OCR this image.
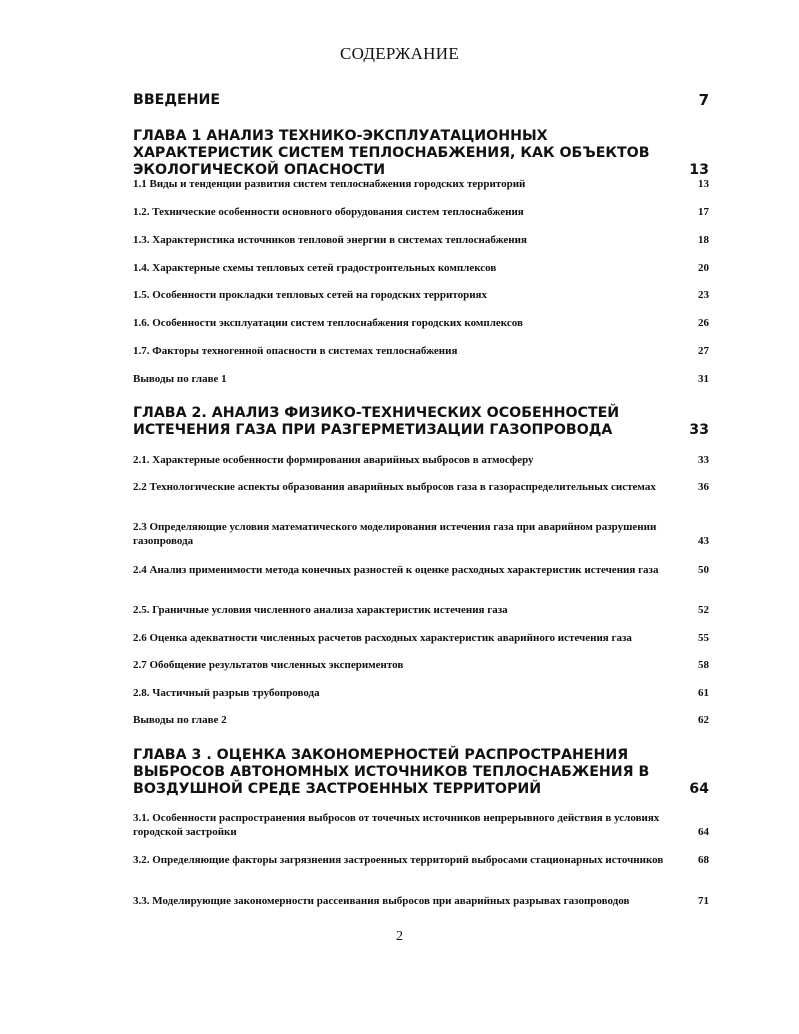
СОДЕРЖАНИЕ
ВВЕДЕНИЕ	7
ГЛАВА 1 АНАЛИЗ ТЕХНИКО-ЭКСПЛУАТАЦИОННЫХ ХАРАКТЕРИСТИК СИСТЕМ ТЕПЛОСНАБЖЕНИЯ, КАК ОБЪЕКТОВ ЭКОЛОГИЧЕСКОЙ ОПАСНОСТИ	13
1.1 Виды и тенденции развития систем теплоснабжения городских территорий	13
1.2. Технические особенности основного оборудования систем теплоснабжения	17
1.3. Характеристика источников тепловой энергии в системах теплоснабжения	18
1.4. Характерные схемы тепловых сетей градостроительных комплексов	20
1.5. Особенности прокладки тепловых сетей на городских территориях	23
1.6. Особенности эксплуатации систем теплоснабжения городских комплексов	26
1.7. Факторы техногенной опасности в системах теплоснабжения	27
Выводы по главе 1	31
ГЛАВА 2. АНАЛИЗ ФИЗИКО-ТЕХНИЧЕСКИХ ОСОБЕННОСТЕЙ ИСТЕЧЕНИЯ ГАЗА ПРИ РАЗГЕРМЕТИЗАЦИИ ГАЗОПРОВОДА	33
2.1. Характерные особенности формирования аварийных выбросов в атмосферу	33
2.2 Технологические аспекты образования аварийных выбросов газа в газораспределительных системах	36
2.3 Определяющие условия математического моделирования истечения газа при аварийном разрушении газопровода	43
2.4 Анализ применимости метода конечных разностей к оценке расходных характеристик истечения газа	50
2.5. Граничные условия численного анализа характеристик истечения газа	52
2.6 Оценка адекватности численных расчетов расходных характеристик аварийного истечения газа	55
2.7 Обобщение результатов численных экспериментов	58
2.8. Частичный разрыв трубопровода	61
Выводы по главе 2	62
ГЛАВА 3 . ОЦЕНКА ЗАКОНОМЕРНОСТЕЙ РАСПРОСТРАНЕНИЯ ВЫБРОСОВ АВТОНОМНЫХ ИСТОЧНИКОВ ТЕПЛОСНАБЖЕНИЯ В ВОЗДУШНОЙ СРЕДЕ ЗАСТРОЕННЫХ ТЕРРИТОРИЙ	64
3.1. Особенности распространения выбросов от точечных источников непрерывного действия в условиях городской застройки	64
3.2. Определяющие факторы загрязнения застроенных территорий выбросами стационарных источников	68
3.3. Моделирующие закономерности рассеивания выбросов при аварийных разрывах газопроводов	71
2
